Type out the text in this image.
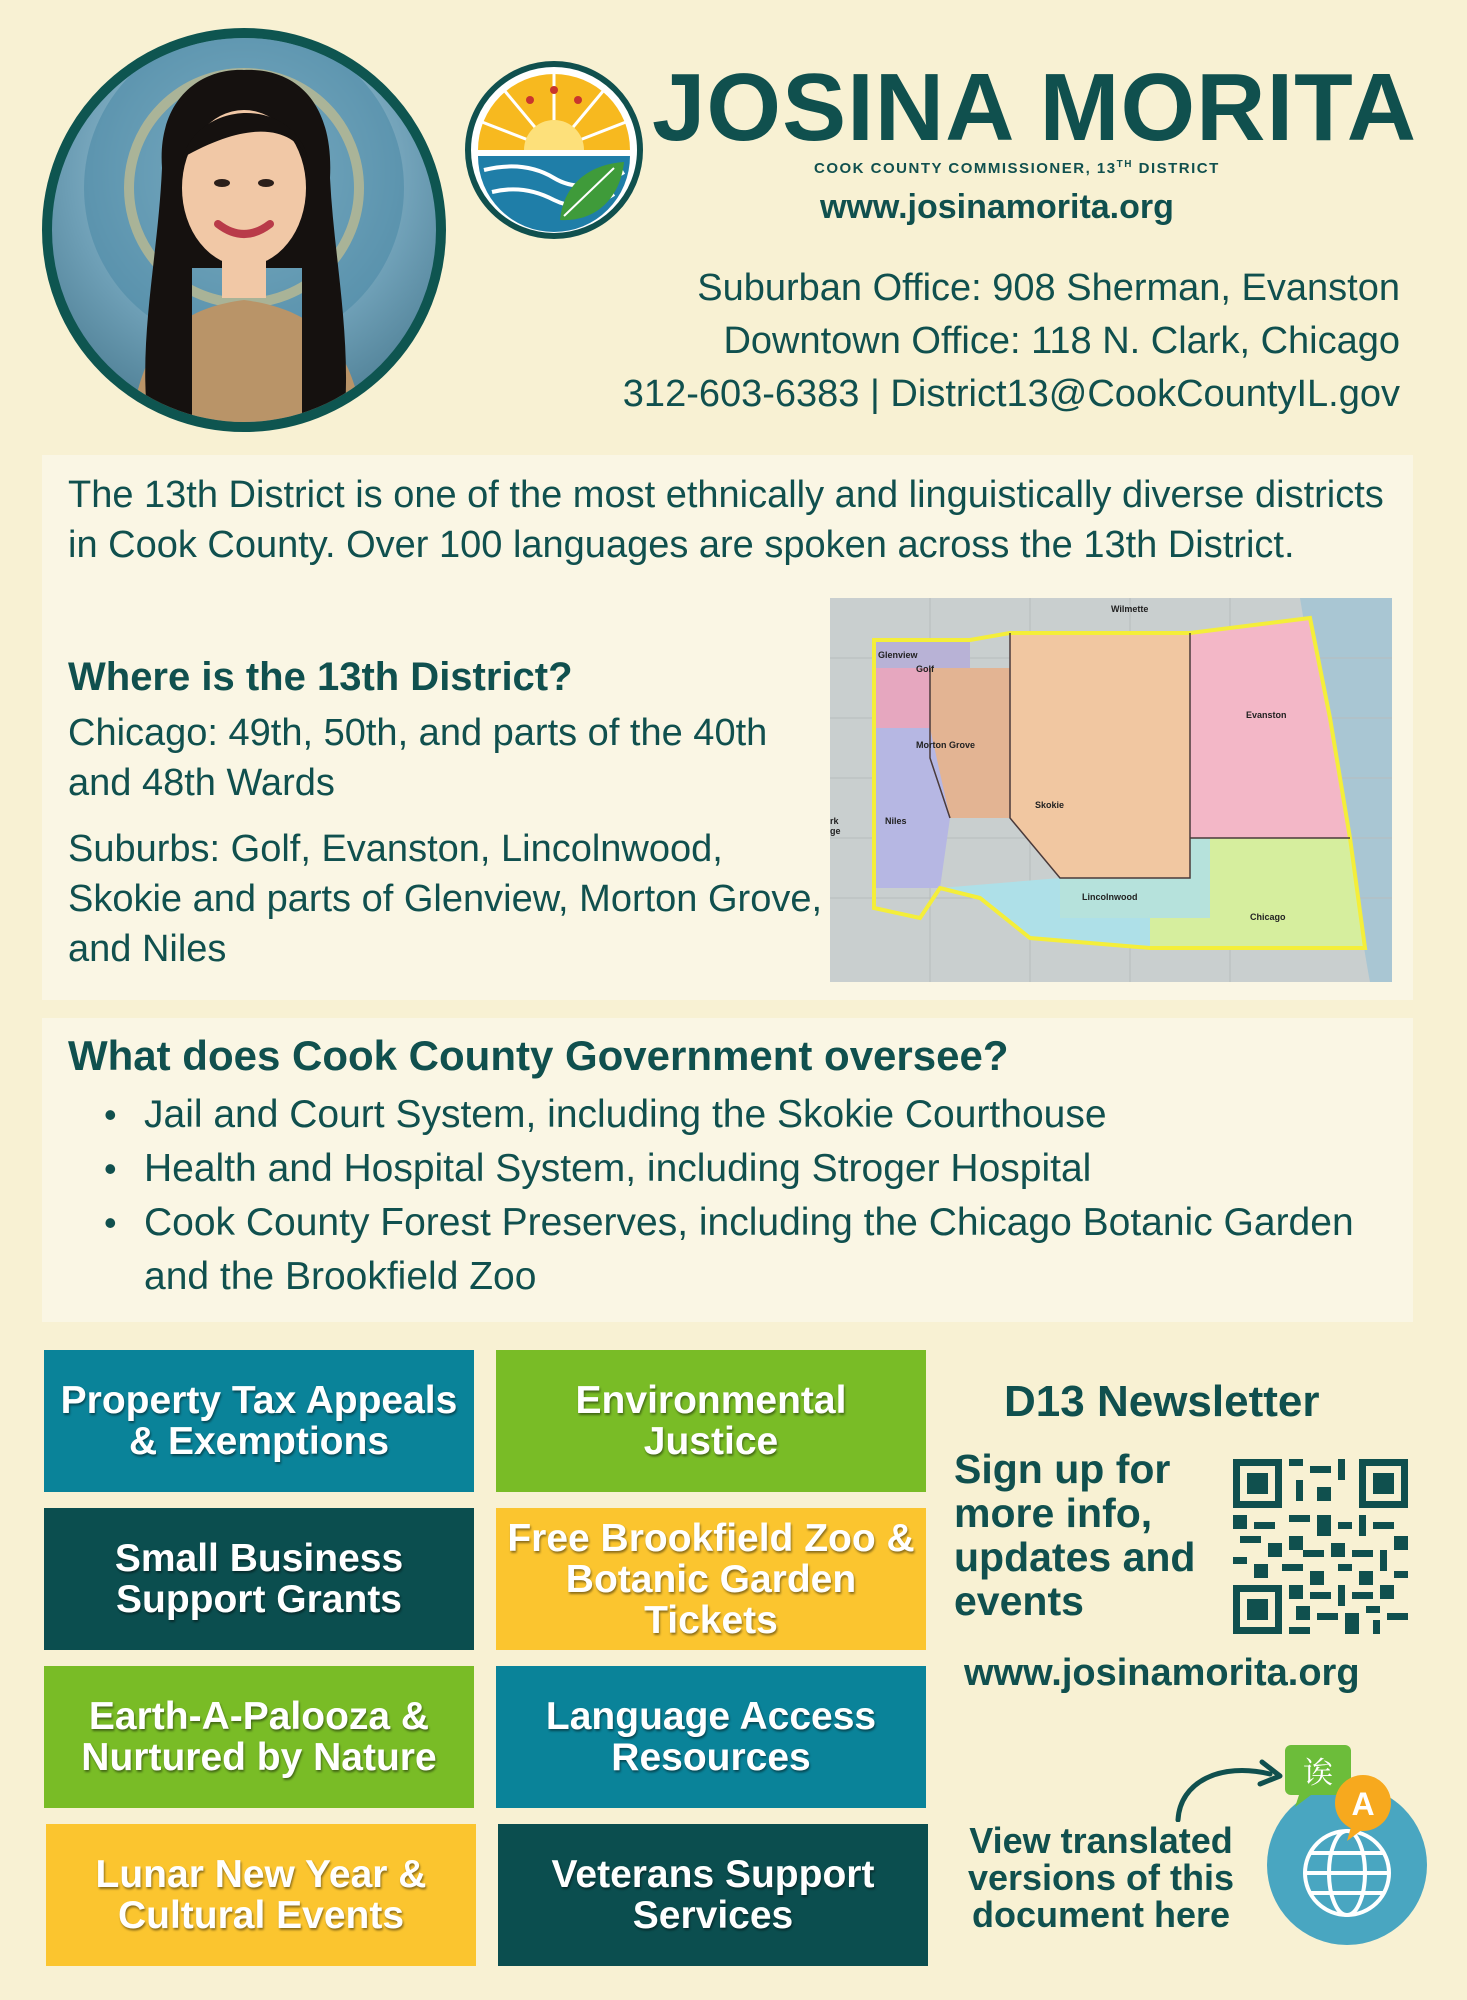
JOSINA MORITA
COOK COUNTY COMMISSIONER, 13TH DISTRICT
www.josinamorita.org
Suburban Office: 908 Sherman, Evanston
Downtown Office: 118 N. Clark, Chicago
312-603-6383 | District13@CookCountyIL.gov
The 13th District is one of the most ethnically and linguistically diverse districts in Cook County. Over 100 languages are spoken across the 13th District.
Where is the 13th District?

Chicago: 49th, 50th, and parts of the 40th and 48th Wards

Suburbs: Golf, Evanston, Lincolnwood, Skokie and parts of Glenview, Morton Grove, and Niles

Wilmette
Glenview
Golf
Morton Grove
Evanston
Niles
Skokie
Lincolnwood
Chicago
rk
ge
What does Cook County Government oversee?
• Jail and Court System, including the Skokie Courthouse
• Health and Hospital System, including Stroger Hospital
• Cook County Forest Preserves, including the Chicago Botanic Garden and the Brookfield Zoo
Property Tax Appeals & Exemptions
Environmental Justice
Small Business Support Grants
Free Brookfield Zoo & Botanic Garden Tickets
Earth-A-Palooza & Nurtured by Nature
Language Access Resources
Lunar New Year & Cultural Events
Veterans Support Services
D13 Newsletter
Sign up for more info, updates and events
www.josinamorita.org
诶
A
View translated versions of this document here
